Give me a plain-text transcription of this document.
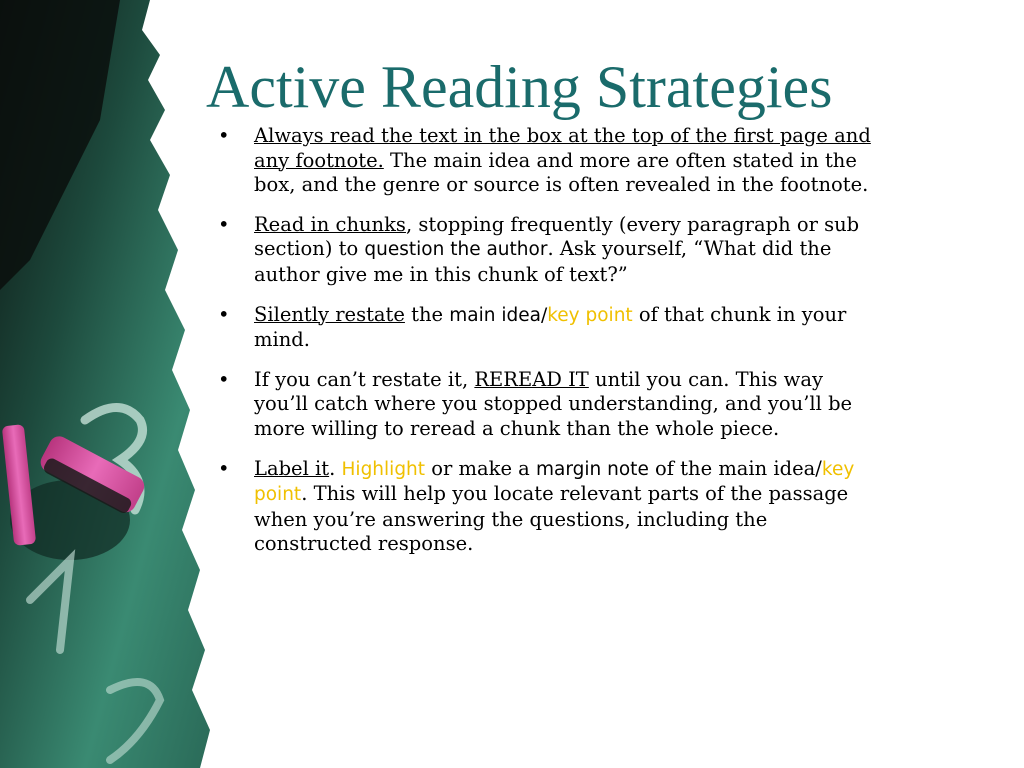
Active Reading Strategies
• Always read the text in the box at the top of the first page and any footnote. The main idea and more are often stated in the box, and the genre or source is often revealed in the footnote.
• Read in chunks, stopping frequently (every paragraph or sub section) to question the author. Ask yourself, “What did the author give me in this chunk of text?”
• Silently restate the main idea/key point of that chunk in your mind.
• If you can’t restate it, REREAD IT until you can. This way you’ll catch where you stopped understanding, and you’ll be more willing to reread a chunk than the whole piece.
• Label it. Highlight or make a margin note of the main idea/key point. This will help you locate relevant parts of the passage when you’re answering the questions, including the constructed response.
